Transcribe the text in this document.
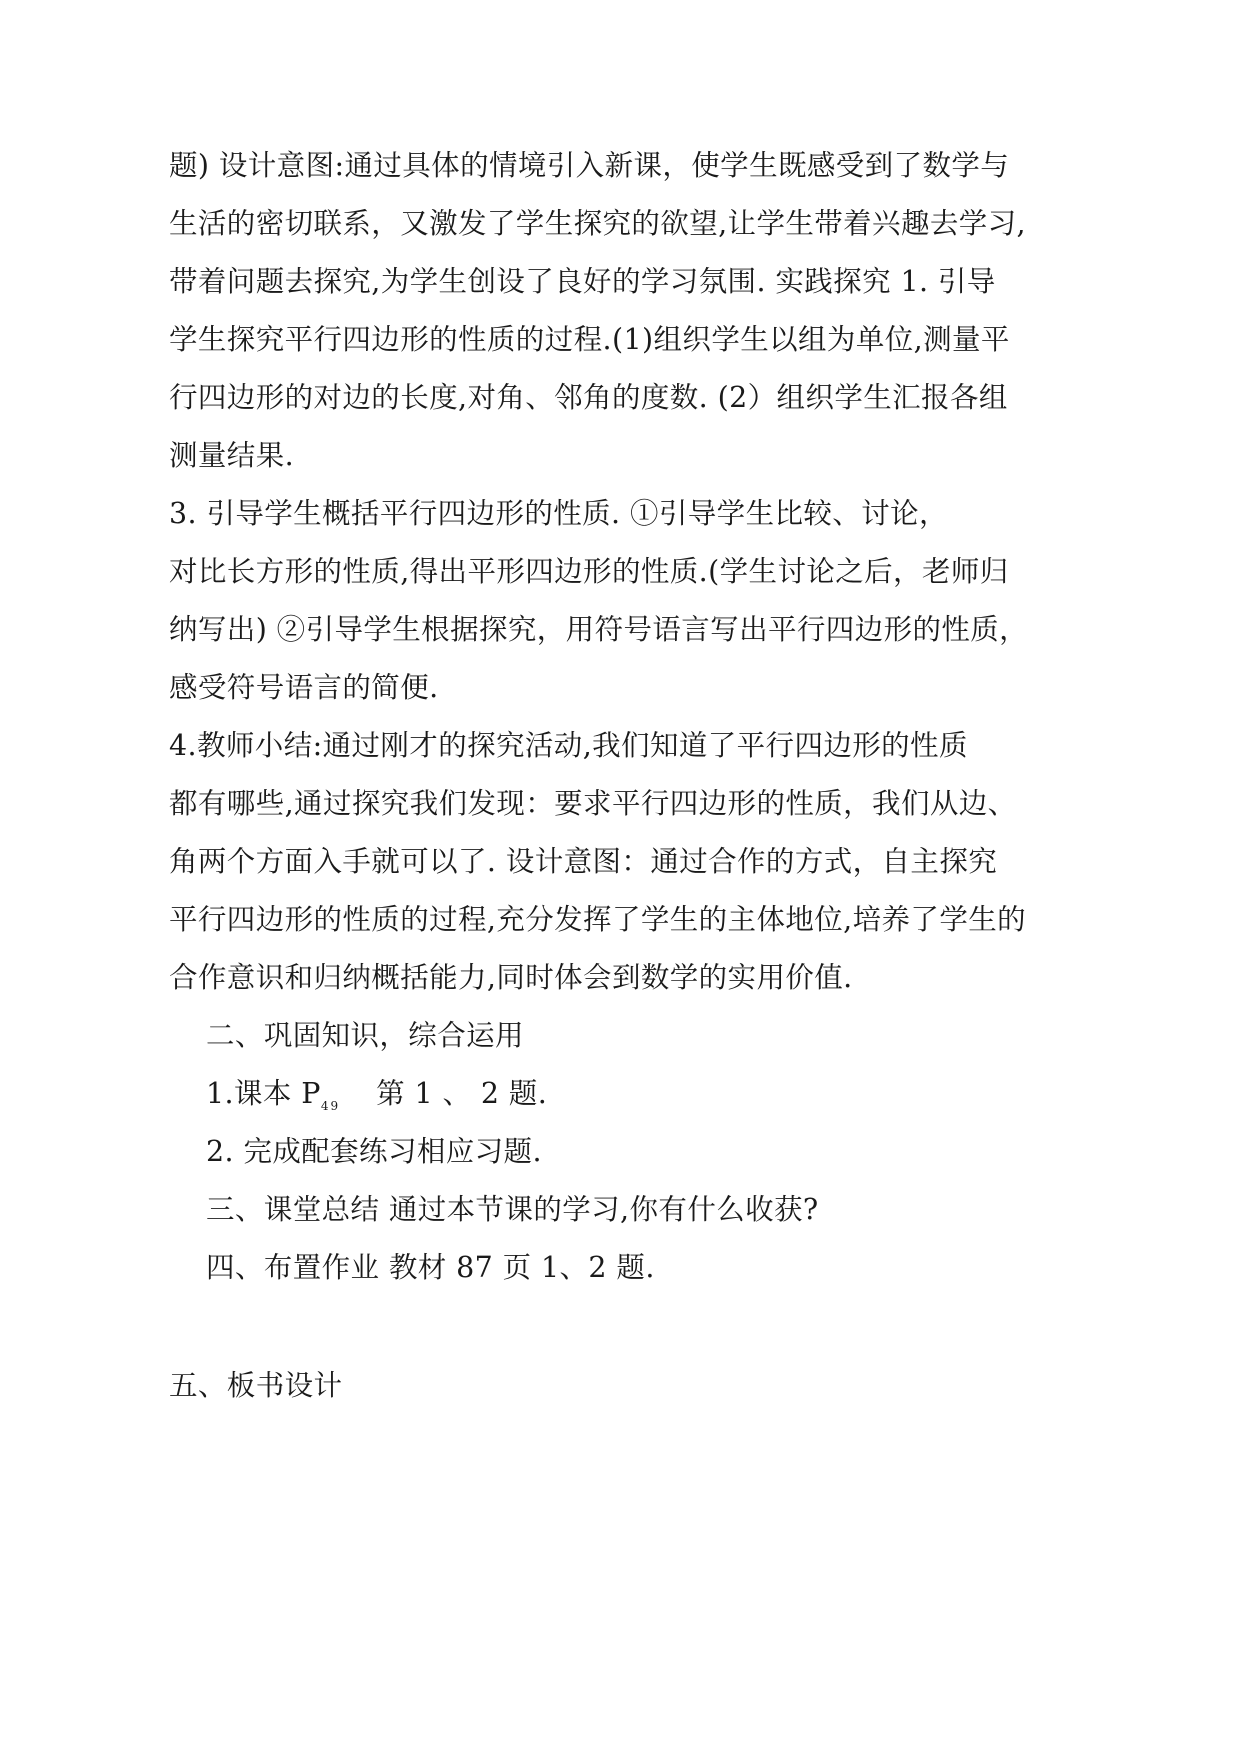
题) 设计意图:通过具体的情境引入新课，使学生既感受到了数学与
生活的密切联系，又激发了学生探究的欲望,让学生带着兴趣去学习,
带着问题去探究,为学生创设了良好的学习氛围. 实践探究 1. 引导
学生探究平行四边形的性质的过程.(1)组织学生以组为单位,测量平
行四边形的对边的长度,对角、邻角的度数. (2）组织学生汇报各组
测量结果.
3. 引导学生概括平行四边形的性质. ①引导学生比较、讨论，
对比长方形的性质,得出平形四边形的性质.(学生讨论之后，老师归
纳写出) ②引导学生根据探究，用符号语言写出平行四边形的性质，
感受符号语言的简便.
4.教师小结:通过刚才的探究活动,我们知道了平行四边形的性质
都有哪些,通过探究我们发现：要求平行四边形的性质，我们从边、
角两个方面入手就可以了. 设计意图：通过合作的方式，自主探究
平行四边形的性质的过程,充分发挥了学生的主体地位,培养了学生的
合作意识和归纳概括能力,同时体会到数学的实用价值.
二、巩固知识，综合运用
1.课本 $P_{49}$ 第 1 、 2 题.
2. 完成配套练习相应习题.
三、课堂总结 通过本节课的学习,你有什么收获?
四、布置作业 教材 87 页 1、2 题.
五、板书设计
